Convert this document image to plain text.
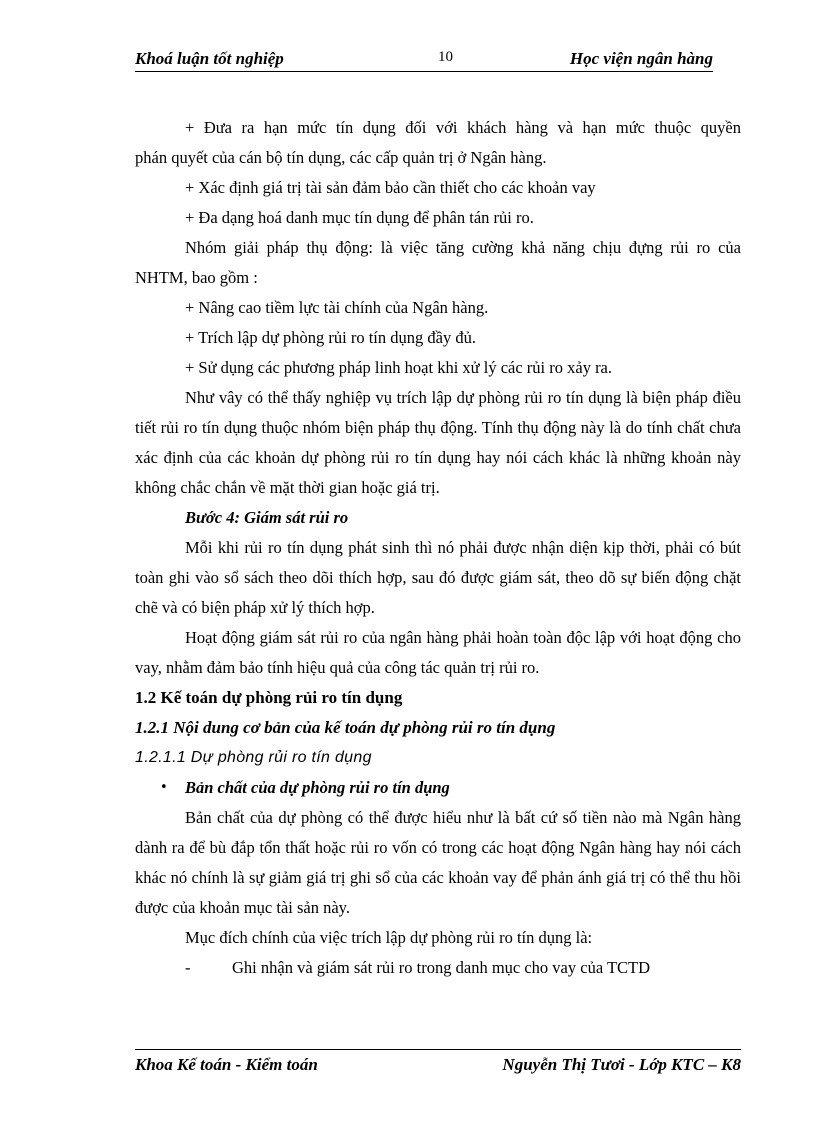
Khoá luận tốt nghiệp	10	Học viện ngân hàng

+ Đưa ra hạn mức tín dụng đối với khách hàng và hạn mức thuộc quyền

phán quyết của cán bộ tín dụng, các cấp quản trị ở Ngân hàng.

+ Xác định giá trị tài sản đảm bảo cần thiết cho các khoản vay

+ Đa dạng hoá danh mục tín dụng để phân tán rủi ro.

Nhóm giải pháp thụ động: là việc tăng cường khả năng chịu đựng rủi ro của NHTM, bao gồm :

+ Nâng cao tiềm lực tài chính của Ngân hàng.

+ Trích lập dự phòng rủi ro tín dụng đầy đủ.

+ Sử dụng các phương pháp linh hoạt khi xử lý các rủi ro xảy ra.

Như vây có thể thấy nghiệp vụ trích lập dự phòng rủi ro tín dụng là biện pháp điều tiết rủi ro tín dụng thuộc nhóm biện pháp thụ động. Tính thụ động này là do tính chất chưa xác định của các khoản dự phòng rủi ro tín dụng hay nói cách khác là những khoản này không chắc chắn về mặt thời gian hoặc giá trị.

Bước 4: Giám sát rủi ro

Mỗi khi rủi ro tín dụng phát sinh thì nó phải được nhận diện kịp thời, phải có bút toàn ghi vào sổ sách theo dõi thích hợp, sau đó được giám sát, theo dõ sự biến động chặt chẽ và có biện pháp xử lý thích hợp.

Hoạt động giám sát rủi ro của ngân hàng phải hoàn toàn độc lập với hoạt động cho vay, nhằm đảm bảo tính hiệu quả của công tác quản trị rủi ro.

1.2 Kế toán dự phòng rủi ro tín dụng

1.2.1 Nội dung cơ bản của kế toán dự phòng rủi ro tín dụng

1.2.1.1 Dự phòng rủi ro tín dụng

• Bản chất của dự phòng rủi ro tín dụng

Bản chất của dự phòng có thể được hiểu như là bất cứ số tiền nào mà Ngân hàng dành ra để bù đắp tổn thất hoặc rủi ro vốn có trong các hoạt động Ngân hàng hay nói cách khác nó chính là sự giảm giá trị ghi sổ của các khoản vay để phản ánh giá trị có thể thu hồi được của khoản mục tài sản này.

Mục đích chính của việc trích lập dự phòng rủi ro tín dụng là:

-	Ghi nhận và giám sát rủi ro trong danh mục cho vay của TCTD

Khoa Kế toán - Kiểm toán	Nguyễn Thị Tươi - Lớp KTC – K8
